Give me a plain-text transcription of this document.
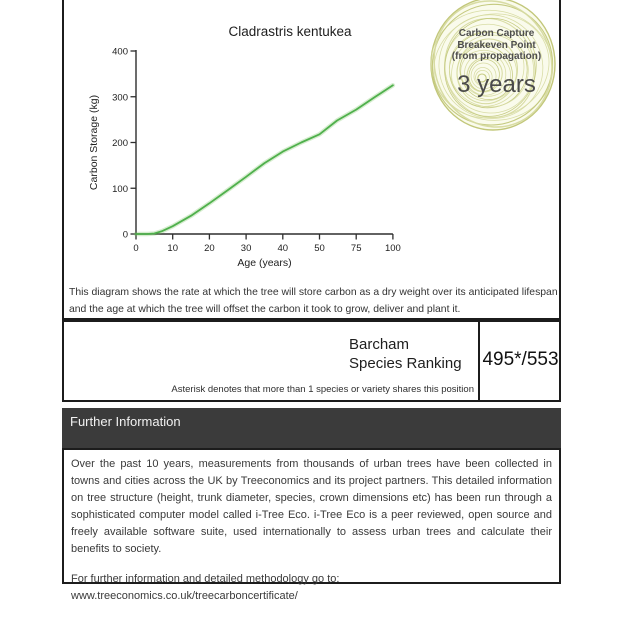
Cladrastris kentukea
0
100
200
300
400
0	10	20	30	40	50	75 100
Age (years)
Carbon Storage (kg)
This diagram shows the rate at which the tree will store carbon as a dry weight over its anticipated lifespan and the age at which the tree will offset the carbon it took to grow, deliver and plant it.
Carbon Capture
Breakeven Point
(from propagation)
3 years
Barcham
Species Ranking
Asterisk denotes that more than 1 species or variety shares this position
495*/553
Further Information
Over the past 10 years, measurements from thousands of urban trees have been collected in towns and cities across the UK by Treeconomics and its project partners. This detailed information on tree structure (height, trunk diameter, species, crown dimensions etc) has been run through a sophisticated computer model called i-Tree Eco. i-Tree Eco is a peer reviewed, open source and freely available software suite, used internationally to assess urban trees and calculate their benefits to society.
For further information and detailed methodology go to: www.treeconomics.co.uk/treecarboncertificate/
